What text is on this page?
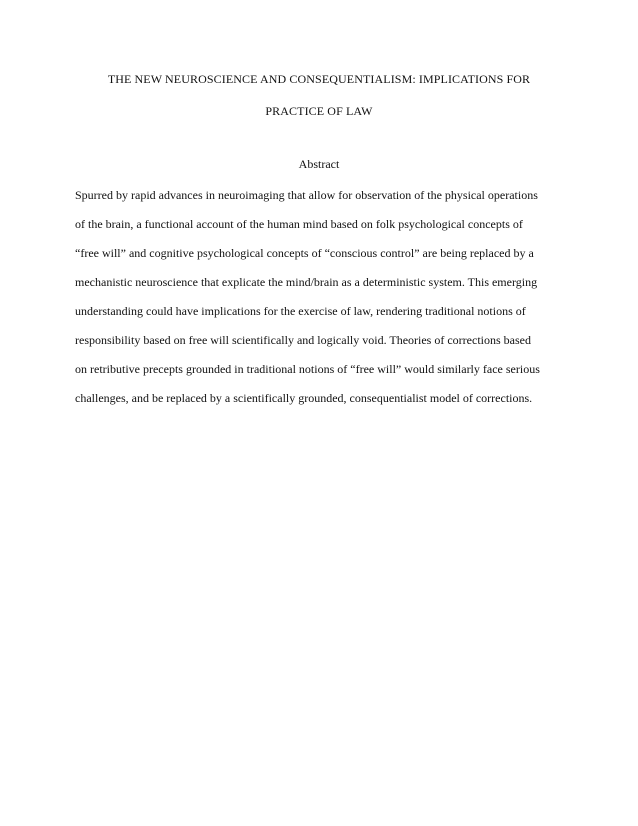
THE NEW NEUROSCIENCE AND CONSEQUENTIALISM: IMPLICATIONS FOR
PRACTICE OF LAW
Abstract
Spurred by rapid advances in neuroimaging that allow for observation of the physical operations
of the brain, a functional account of the human mind based on folk psychological concepts of
“free will” and cognitive psychological concepts of “conscious control” are being replaced by a
mechanistic neuroscience that explicate the mind/brain as a deterministic system. This emerging
understanding could have implications for the exercise of law, rendering traditional notions of
responsibility based on free will scientifically and logically void. Theories of corrections based
on retributive precepts grounded in traditional notions of “free will” would similarly face serious
challenges, and be replaced by a scientifically grounded, consequentialist model of corrections.
